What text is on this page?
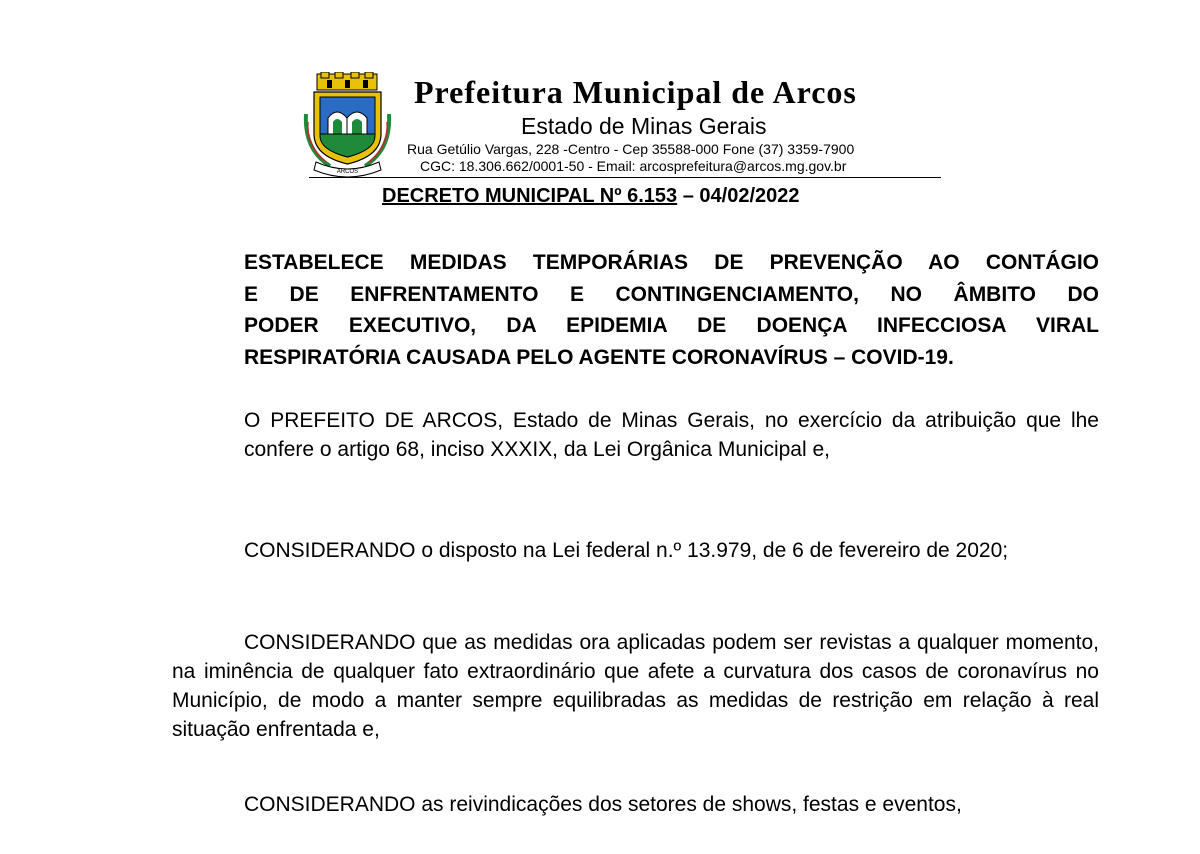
ARCOS
Prefeitura Municipal de Arcos
Estado de Minas Gerais
Rua Getúlio Vargas, 228 -Centro - Cep 35588-000 Fone (37) 3359-7900
CGC: 18.306.662/0001-50 - Email: arcosprefeitura@arcos.mg.gov.br
DECRETO MUNICIPAL Nº 6.153 – 04/02/2022
ESTABELECE MEDIDAS TEMPORÁRIAS DE PREVENÇÃO AO CONTÁGIO
E DE ENFRENTAMENTO E CONTINGENCIAMENTO, NO ÂMBITO DO
PODER EXECUTIVO, DA EPIDEMIA DE DOENÇA INFECCIOSA VIRAL
RESPIRATÓRIA CAUSADA PELO AGENTE CORONAVÍRUS – COVID-19.
O PREFEITO DE ARCOS, Estado de Minas Gerais, no exercício da atribuição que lhe confere o artigo 68, inciso XXXIX, da Lei Orgânica Municipal e,
CONSIDERANDO o disposto na Lei federal n.º 13.979, de 6 de fevereiro de 2020;
CONSIDERANDO que as medidas ora aplicadas podem ser revistas a qualquer momento, na iminência de qualquer fato extraordinário que afete a curvatura dos casos de coronavírus no Município, de modo a manter sempre equilibradas as medidas de restrição em relação à real situação enfrentada e,
CONSIDERANDO as reivindicações dos setores de shows, festas e eventos,
